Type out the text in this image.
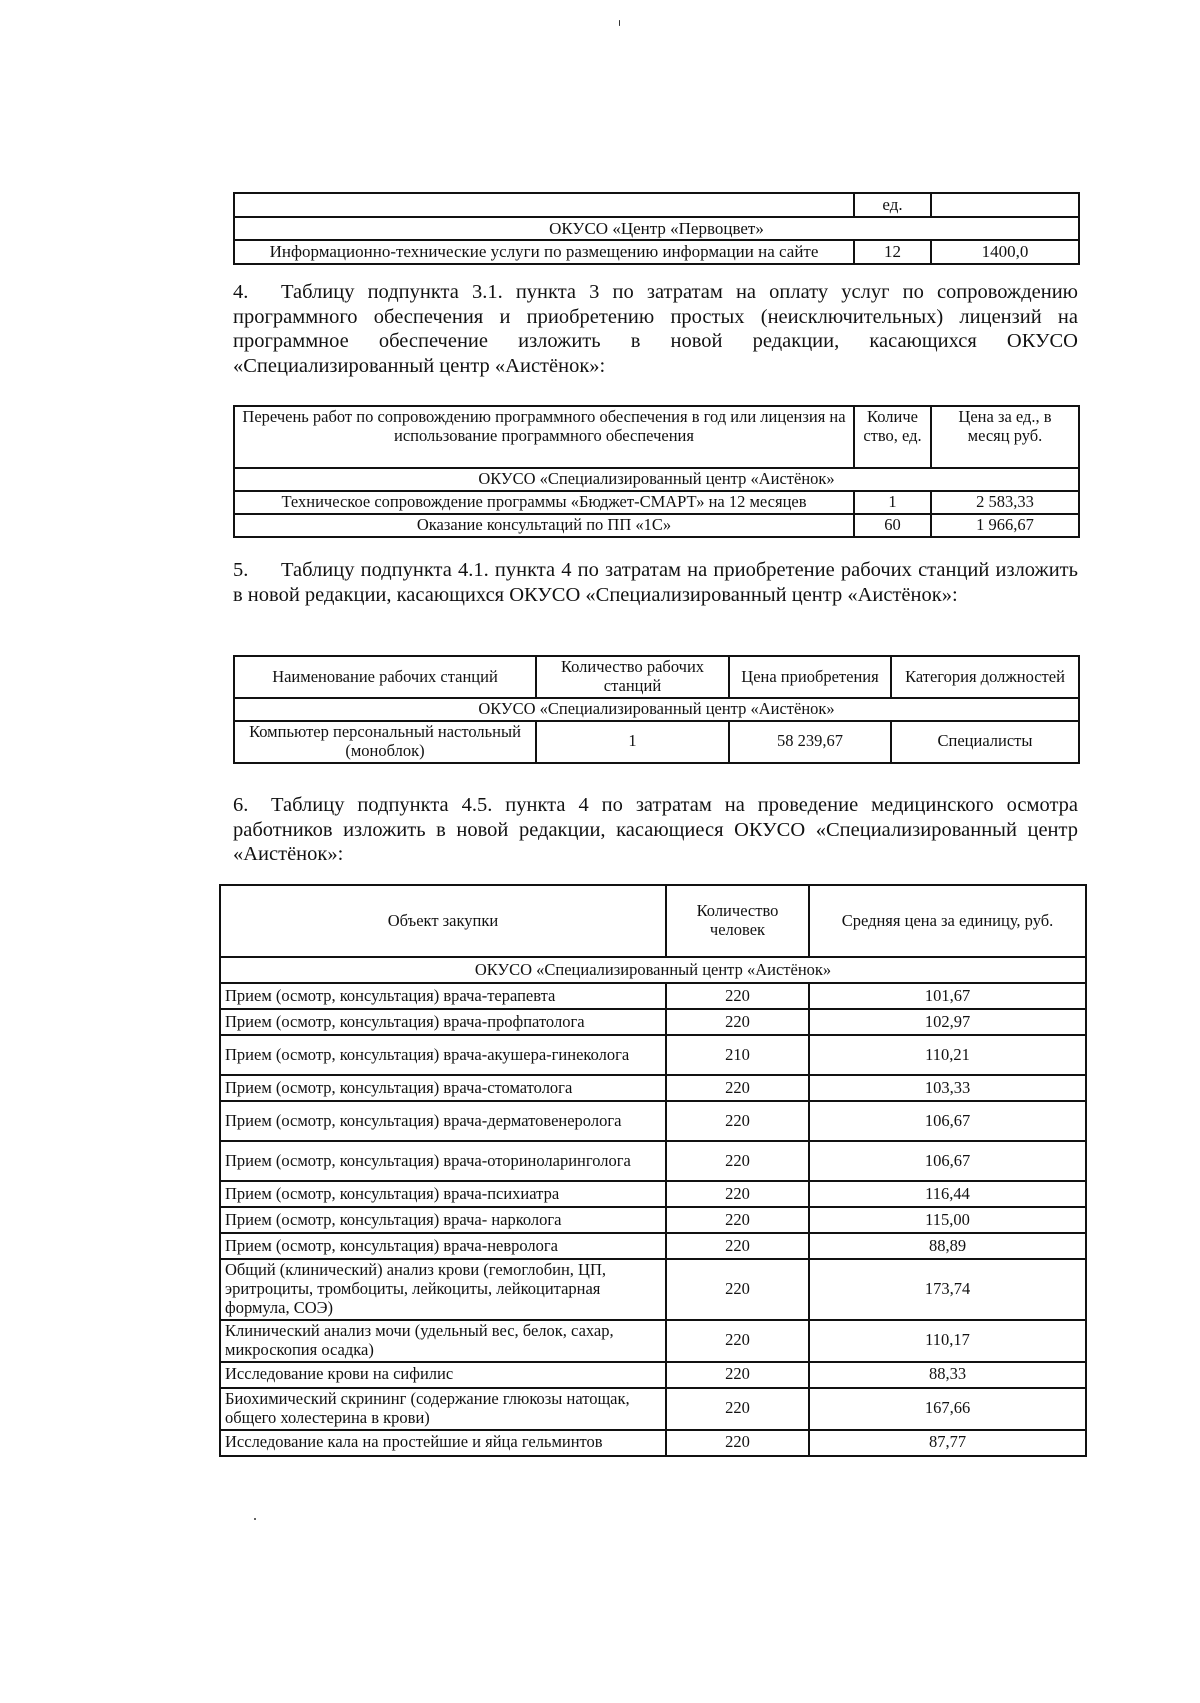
	ед.	
ОКУСО «Центр «Первоцвет»		
Информационно-технические услуги по размещению информации на сайте	12	1400,0
4. Таблицу подпункта 3.1. пункта 3 по затратам на оплату услуг по сопровождению программного обеспечения и приобретению простых (неисключительных) лицензий на программное обеспечение изложить в новой редакции, касающихся ОКУСО «Специализированный центр «Аистёнок»:
Перечень работ по сопровождению программного обеспечения в год или лицензия на использование программного обеспечения	Количе ство, ед.	Цена за ед., в месяц руб.
ОКУСО «Специализированный центр «Аистёнок»		
Техническое сопровождение программы «Бюджет-СМАРТ» на 12 месяцев	1	2 583,33
Оказание консультаций по ПП «1С»	60	1 966,67
5. Таблицу подпункта 4.1. пункта 4 по затратам на приобретение рабочих станций изложить в новой редакции, касающихся ОКУСО «Специализированный центр «Аистёнок»:
Наименование рабочих станций	Количество рабочих станций	Цена приобретения	Категория должностей
ОКУСО «Специализированный центр «Аистёнок»			
Компьютер персональный настольный (моноблок)	1	58 239,67	Специалисты
6. Таблицу подпункта 4.5. пункта 4 по затратам на проведение медицинского осмотра работников изложить в новой редакции, касающиеся ОКУСО «Специализированный центр «Аистёнок»:
Объект закупки	Количество человек	Средняя цена за единицу, руб.
ОКУСО «Специализированный центр «Аистёнок»		
Прием (осмотр, консультация) врача-терапевта	220	101,67
Прием (осмотр, консультация) врача-профпатолога	220	102,97
Прием (осмотр, консультация) врача-акушера-гинеколога	210	110,21
Прием (осмотр, консультация) врача-стоматолога	220	103,33
Прием (осмотр, консультация) врача-дерматовенеролога	220	106,67
Прием (осмотр, консультация) врача-оториноларинголога	220	106,67
Прием (осмотр, консультация) врача-психиатра	220	116,44
Прием (осмотр, консультация) врача- нарколога	220	115,00
Прием (осмотр, консультация) врача-невролога	220	88,89
Общий (клинический) анализ крови (гемоглобин, ЦП, эритроциты, тромбоциты, лейкоциты, лейкоцитарная формула, СОЭ)	220	173,74
Клинический анализ мочи (удельный вес, белок, сахар, микроскопия осадка)	220	110,17
Исследование крови на сифилис	220	88,33
Биохимический скрининг (содержание глюкозы натощак, общего холестерина в крови)	220	167,66
Исследование кала на простейшие и яйца гельминтов	220	87,77
